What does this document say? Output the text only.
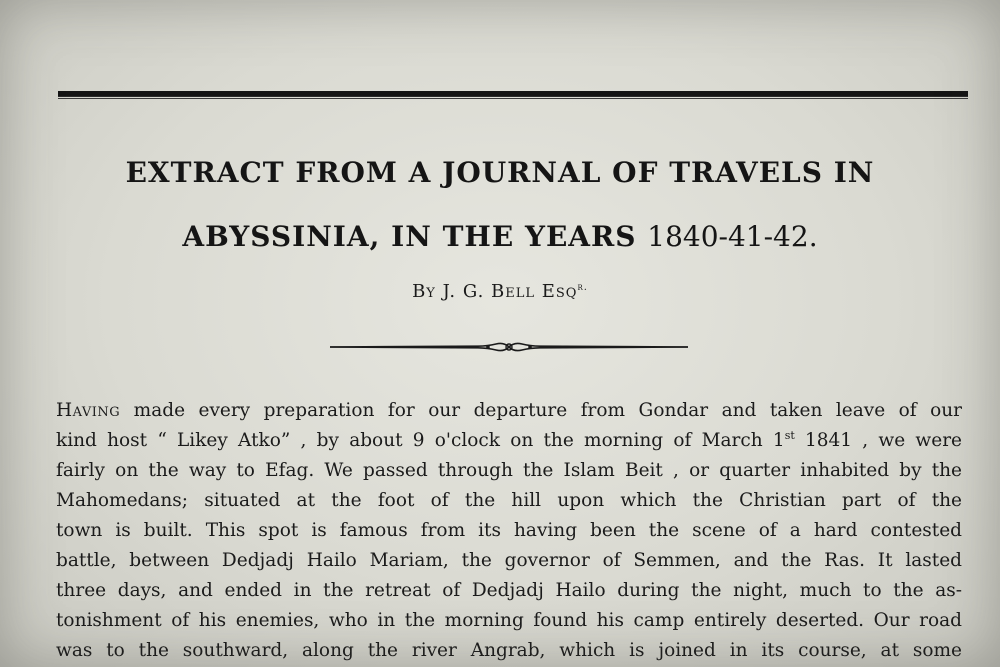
EXTRACT FROM A JOURNAL OF TRAVELS IN
ABYSSINIA, IN THE YEARS 1840-41-42.
By J. G. Bell Esq$^{r.}$
Having made every preparation for our departure from Gondar and taken leave of our
kind host “ Likey Atko” , by about 9 o'clock on the morning of March 1st 1841 , we were
fairly on the way to Efag. We passed through the Islam Beit , or quarter inhabited by the
Mahomedans; situated at the foot of the hill upon which the Christian part of the
town is built. This spot is famous from its having been the scene of a hard contested
battle, between Dedjadj Hailo Mariam, the governor of Semmen, and the Ras. It lasted
three days, and ended in the retreat of Dedjadj Hailo during the night, much to the as-
tonishment of his enemies, who in the morning found his camp entirely deserted. Our road
was to the southward, along the river Angrab, which is joined in its course, at some
